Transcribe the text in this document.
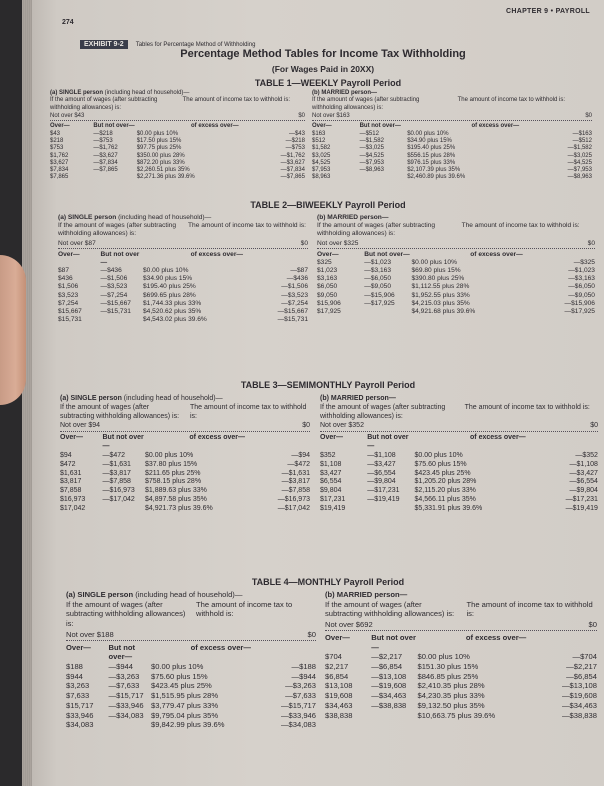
CHAPTER 9 • PAYROLL
274
EXHIBIT 9-2	Tables for Percentage Method of Withholding
Percentage Method Tables for Income Tax Withholding
(For Wages Paid in 20XX)
TABLE 1—WEEKLY Payroll Period
(a) SINGLE person (including head of household)—
If the amount of wages (after subtracting withholding allowances) is:
The amount of income tax to withhold is:
Not over $43	$0
Over—	But not over—	of excess over—
$43	—$218	$0.00 plus 10%	—$43
$218	—$753	$17.50 plus 15%	—$218
$753	—$1,762	$97.75 plus 25%	—$753
$1,762	—$3,627	$350.00 plus 28%	—$1,762
$3,627	—$7,834	$872.20 plus 33%	—$3,627
$7,834	—$7,865	$2,260.51 plus 35%	—$7,834
$7,865	$2,271.36 plus 39.6%	—$7,865
(b) MARRIED person—
If the amount of wages (after subtracting withholding allowances) is:
The amount of income tax to withhold is:
Not over $163	$0
Over—	But not over—	of excess over—
$163	—$512	$0.00 plus 10%	—$163
$512	—$1,582	$34.90 plus 15%	—$512
$1,582	—$3,025	$195.40 plus 25%	—$1,582
$3,025	—$4,525	$556.15 plus 28%	—$3,025
$4,525	—$7,953	$976.15 plus 33%	—$4,525
$7,953	—$8,963	$2,107.39 plus 35%	—$7,953
$8,963	$2,460.89 plus 39.6%	—$8,963
TABLE 2—BIWEEKLY Payroll Period
(a) SINGLE person (including head of household)—
If the amount of wages (after subtracting withholding allowances) is:
The amount of income tax to withhold is:
Not over $87	$0
Over—	But not over—
of excess over—
$87	—$436	$0.00 plus 10%	—$87
$436	—$1,506	$34.90 plus 15%	—$436
$1,506	—$3,523	$195.40 plus 25%	—$1,506
$3,523	—$7,254	$699.65 plus 28%	—$3,523
$7,254	—$15,667	$1,744.33 plus 33%	—$7,254
$15,667	—$15,731	$4,520.62 plus 35%	—$15,667
$15,731	$4,543.02 plus 39.6%	—$15,731
(b) MARRIED person—
If the amount of wages (after subtracting withholding allowances) is:
The amount of income tax to withhold is:
Not over $325	$0
Over—	But not over—	of excess over—
$325	—$1,023	$0.00 plus 10%	—$325
$1,023	—$3,163	$69.80 plus 15%	—$1,023
$3,163	—$6,050	$390.80 plus 25%	—$3,163
$6,050	—$9,050	$1,112.55 plus 28%	—$6,050
$9,050	—$15,906	$1,952.55 plus 33%	—$9,050
$15,906	—$17,925	$4,215.03 plus 35%	—$15,906
$17,925	$4,921.68 plus 39.6%	—$17,925
TABLE 3—SEMIMONTHLY Payroll Period
(a) SINGLE person (including head of household)—
If the amount of wages (after subtracting withholding allowances) is:
The amount of income tax to withhold is:
Not over $94	$0
Over—	But not over—
of excess over—
$94	—$472	$0.00 plus 10%	—$94
$472	—$1,631	$37.80 plus 15%	—$472
$1,631	—$3,817	$211.65 plus 25%	—$1,631
$3,817	—$7,858	$758.15 plus 28%	—$3,817
$7,858	—$16,973	$1,889.63 plus 33%	—$7,858
$16,973	—$17,042	$4,897.58 plus 35%	—$16,973
$17,042	$4,921.73 plus 39.6%	—$17,042
(b) MARRIED person—
If the amount of wages (after subtracting withholding allowances) is:
The amount of income tax to withhold is:
Not over $352	$0
Over—	But not over—
of excess over—
$352	—$1,108	$0.00 plus 10%	—$352
$1,108	—$3,427	$75.60 plus 15%	—$1,108
$3,427	—$6,554	$423.45 plus 25%	—$3,427
$6,554	—$9,804	$1,205.20 plus 28%	—$6,554
$9,804	—$17,231	$2,115.20 plus 33%	—$9,804
$17,231	—$19,419	$4,566.11 plus 35%	—$17,231
$19,419	$5,331.91 plus 39.6%	—$19,419
TABLE 4—MONTHLY Payroll Period
(a) SINGLE person (including head of household)—
If the amount of wages (after subtracting withholding allowances) is:
The amount of income tax to withhold is:
Not over $188	$0
Over—	But not over—
of excess over—
$188	—$944	$0.00 plus 10%	—$188
$944	—$3,263	$75.60 plus 15%	—$944
$3,263	—$7,633	$423.45 plus 25%	—$3,263
$7,633	—$15,717 $1,515.95 plus 28%	—$7,633
$15,717	—$33,946 $3,779.47 plus 33%	—$15,717
$33,946	—$34,083 $9,795.04 plus 35%	—$33,946
$34,083	$9,842.99 plus 39.6%	—$34,083
(b) MARRIED person—
If the amount of wages (after subtracting withholding allowances) is:
The amount of income tax to withhold is:
Not over $692	$0
Over—	But not over—
of excess over—
$704	—$2,217	$0.00 plus 10%	—$704
$2,217	—$6,854	$151.30 plus 15%	—$2,217
$6,854	—$13,108	$846.85 plus 25%	—$6,854
$13,108	—$19,608	$2,410.35 plus 28%	—$13,108
$19,608	—$34,463	$4,230.35 plus 33%	—$19,608
$34,463	—$38,838	$9,132.50 plus 35%	—$34,463
$38,838	$10,663.75 plus 39.6%	—$38,838
